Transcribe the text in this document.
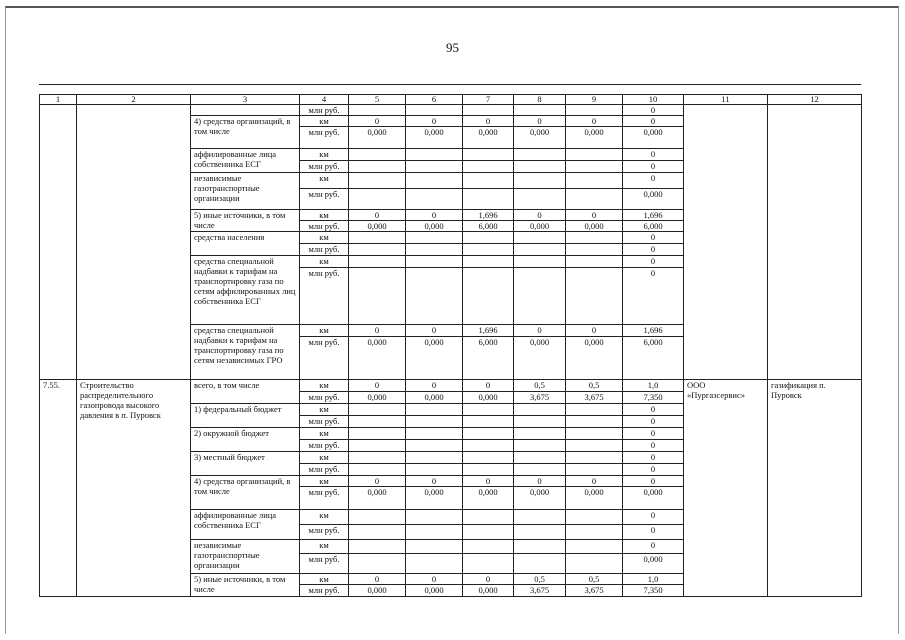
95
1	2	3	4	5	6	7	8	9	10	11	12
			млн руб.						0		
		4) средства организаций, в том числе	км	0	0	0	0	0	0		
			млн руб.	0,000	0,000	0,000	0,000	0,000	0,000		
		аффилированные лица собственника ЕСГ	км						0		
			млн руб.						0		
		независимые газотранспортные организации	км						0		
			млн руб.						0,000		
		5) иные источники, в том числе	км	0	0	1,696	0	0	1,696		
			млн руб.	0,000	0,000	6,000	0,000	0,000	6,000		
		средства населения	км						0		
			млн руб.						0		
		средства специальной надбавки к тарифам на транспортировку газа по сетям аффилированных лиц собственника ЕСГ	км						0		
			млн руб.						0		
		средства специальной надбавки к тарифам на транспортировку газа по сетям независимых ГРО	км	0	0	1,696	0	0	1,696		
			млн руб.	0,000	0,000	6,000	0,000	0,000	6,000		
7.55.	Строительство распределительного газопровода высокого давления в п. Пуровск	всего, в том числе	км	0	0	0	0,5	0,5	1,0	ООО «Пургазсервис»	газификация п. Пуровск
			млн руб.	0,000	0,000	0,000	3,675	3,675	7,350		
		1) федеральный бюджет	км						0		
			млн руб.						0		
		2) окружной бюджет	км						0		
			млн руб.						0		
		3) местный бюджет	км						0		
			млн руб.						0		
		4) средства организаций, в том числе	км	0	0	0	0	0	0		
			млн руб.	0,000	0,000	0,000	0,000	0,000	0,000		
		аффилированные лица собственника ЕСГ	км						0		
			млн руб.						0		
		независимые газотранспортные организации	км						0		
			млн руб.						0,000		
		5) иные источники, в том числе	км	0	0	0	0,5	0,5	1,0		
			млн руб.	0,000	0,000	0,000	3,675	3,675	7,350		
